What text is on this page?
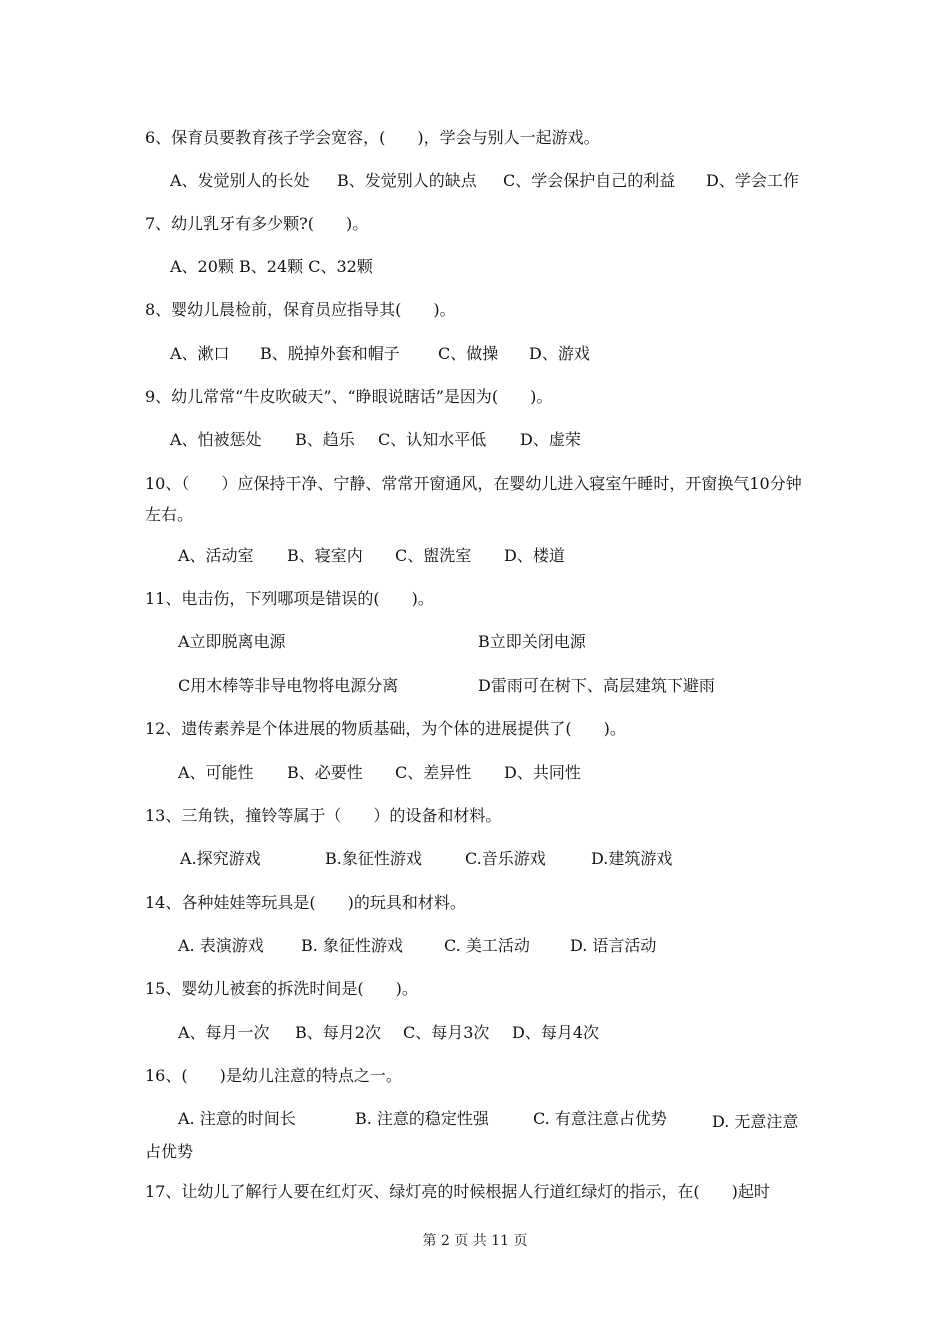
6、保育员要教育孩子学会宽容，(　　)，学会与别人一起游戏。
A、发觉别人的长处 B、发觉别人的缺点 C、学会保护自己的利益 D、学会工作
7、幼儿乳牙有多少颗?(　　)。
A、20颗 B、24颗 C、32颗
8、婴幼儿晨检前，保育员应指导其(　　)。
A、漱口 B、脱掉外套和帽子 C、做操 D、游戏
9、幼儿常常“牛皮吹破天”、“睁眼说瞎话”是因为(　　)。
A、怕被惩处 B、趋乐 C、认知水平低 D、虚荣
10、（　　）应保持干净、宁静、常常开窗通风，在婴幼儿进入寝室午睡时，开窗换气10分钟左右。
A、活动室 B、寝室内 C、盥洗室 D、楼道
11、电击伤，下列哪项是错误的(　　)。
A立即脱离电源	B立即关闭电源
C用木棒等非导电物将电源分离	D雷雨可在树下、高层建筑下避雨
12、遗传素养是个体进展的物质基础，为个体的进展提供了(　　)。
A、可能性 B、必要性 C、差异性 D、共同性
13、三角铁，撞铃等属于（　　）的设备和材料。
A.探究游戏	B.象征性游戏	C.音乐游戏	D.建筑游戏
14、各种娃娃等玩具是(　　)的玩具和材料。
A. 表演游戏 B. 象征性游戏	C. 美工活动	D. 语言活动
15、婴幼儿被套的拆洗时间是(　　)。
A、每月一次 B、每月2次 C、每月3次 D、每月4次
16、(　　)是幼儿注意的特点之一。
A. 注意的时间长	B. 注意的稳定性强	C. 有意注意占优势	D. 无意注意占优势
17、让幼儿了解行人要在红灯灭、绿灯亮的时候根据人行道红绿灯的指示，在(　　)起时
第 2 页 共 11 页
